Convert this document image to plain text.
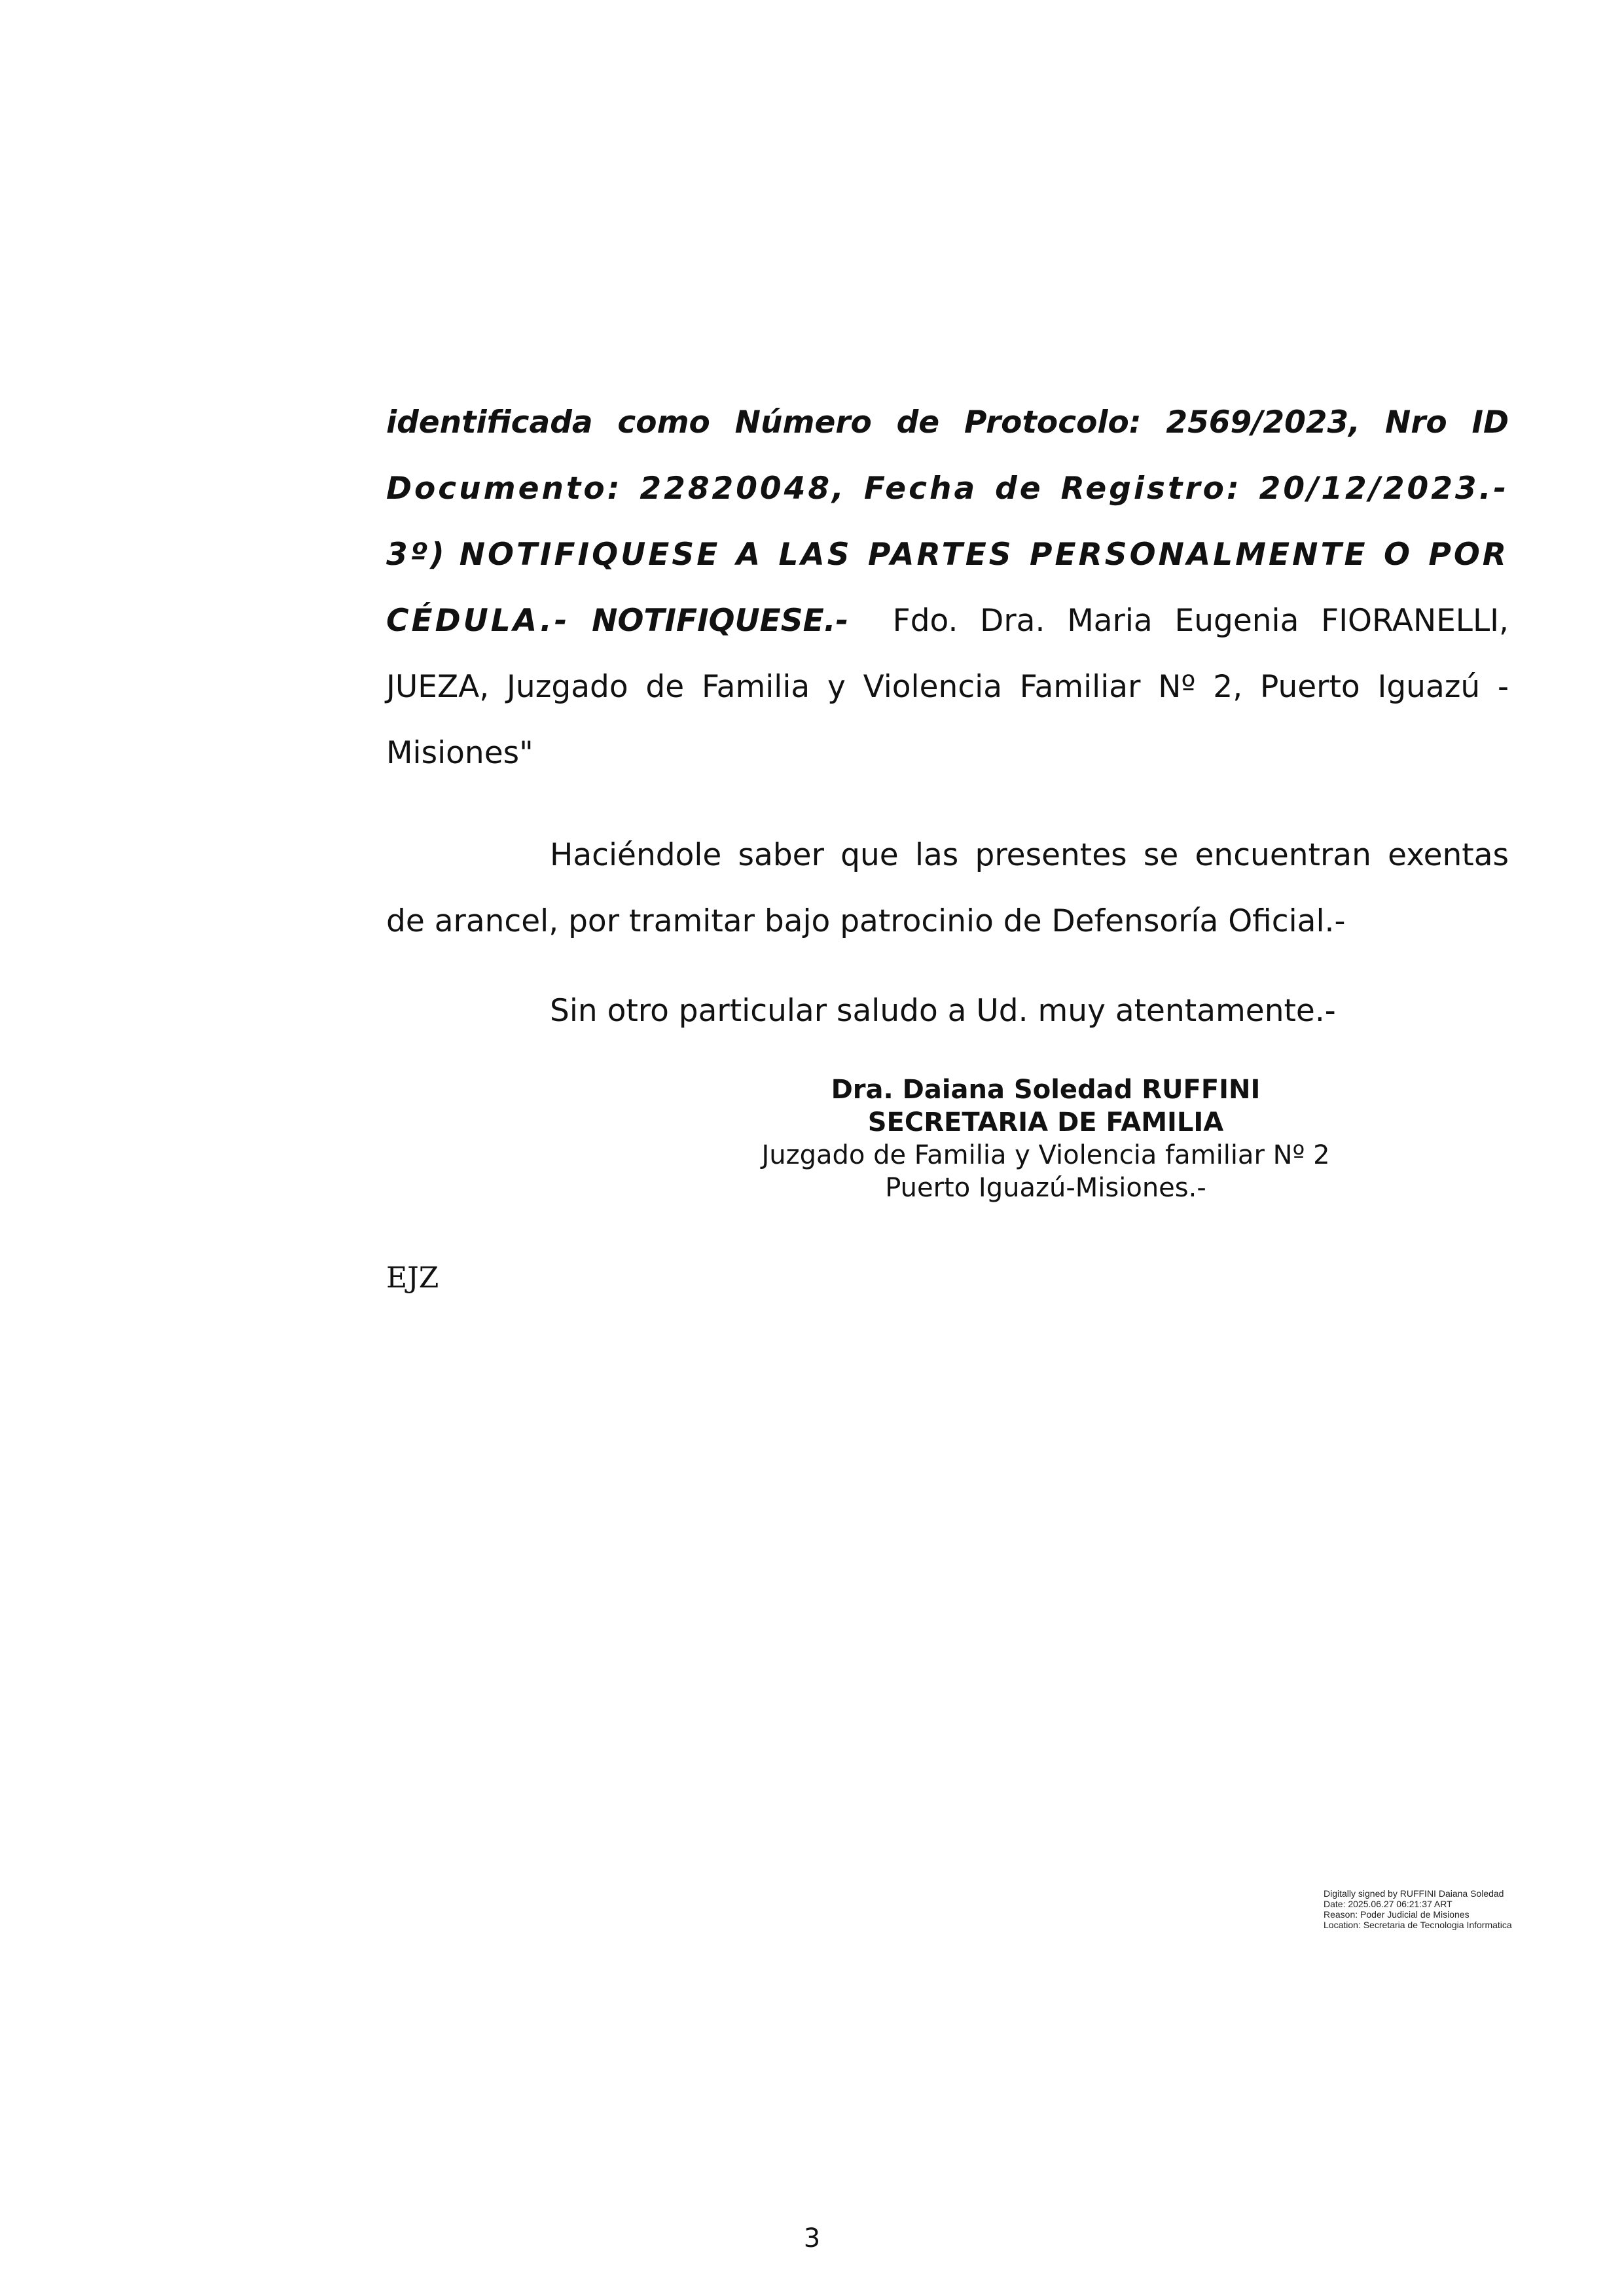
identificada como Número de Protocolo: 2569/2023, Nro ID Documento: 22820048, Fecha de Registro: 20/12/2023.- 3º) NOTIFIQUESE A LAS PARTES PERSONALMENTE O POR CÉDULA.- NOTIFIQUESE.- Fdo. Dra. Maria Eugenia FIORANELLI, JUEZA, Juzgado de Familia y Violencia Familiar Nº 2, Puerto Iguazú - Misiones"

Haciéndole saber que las presentes se encuentran exentas de arancel, por tramitar bajo patrocinio de Defensoría Oficial.-

Sin otro particular saludo a Ud. muy atentamente.-

Dra. Daiana Soledad RUFFINI
SECRETARIA DE FAMILIA
Juzgado de Familia y Violencia familiar Nº 2
Puerto Iguazú-Misiones.-
EJZ
Digitally signed by RUFFINI Daiana Soledad
Date: 2025.06.27 06:21:37 ART
Reason: Poder Judicial de Misiones
Location: Secretaria de Tecnologia Informatica
3
